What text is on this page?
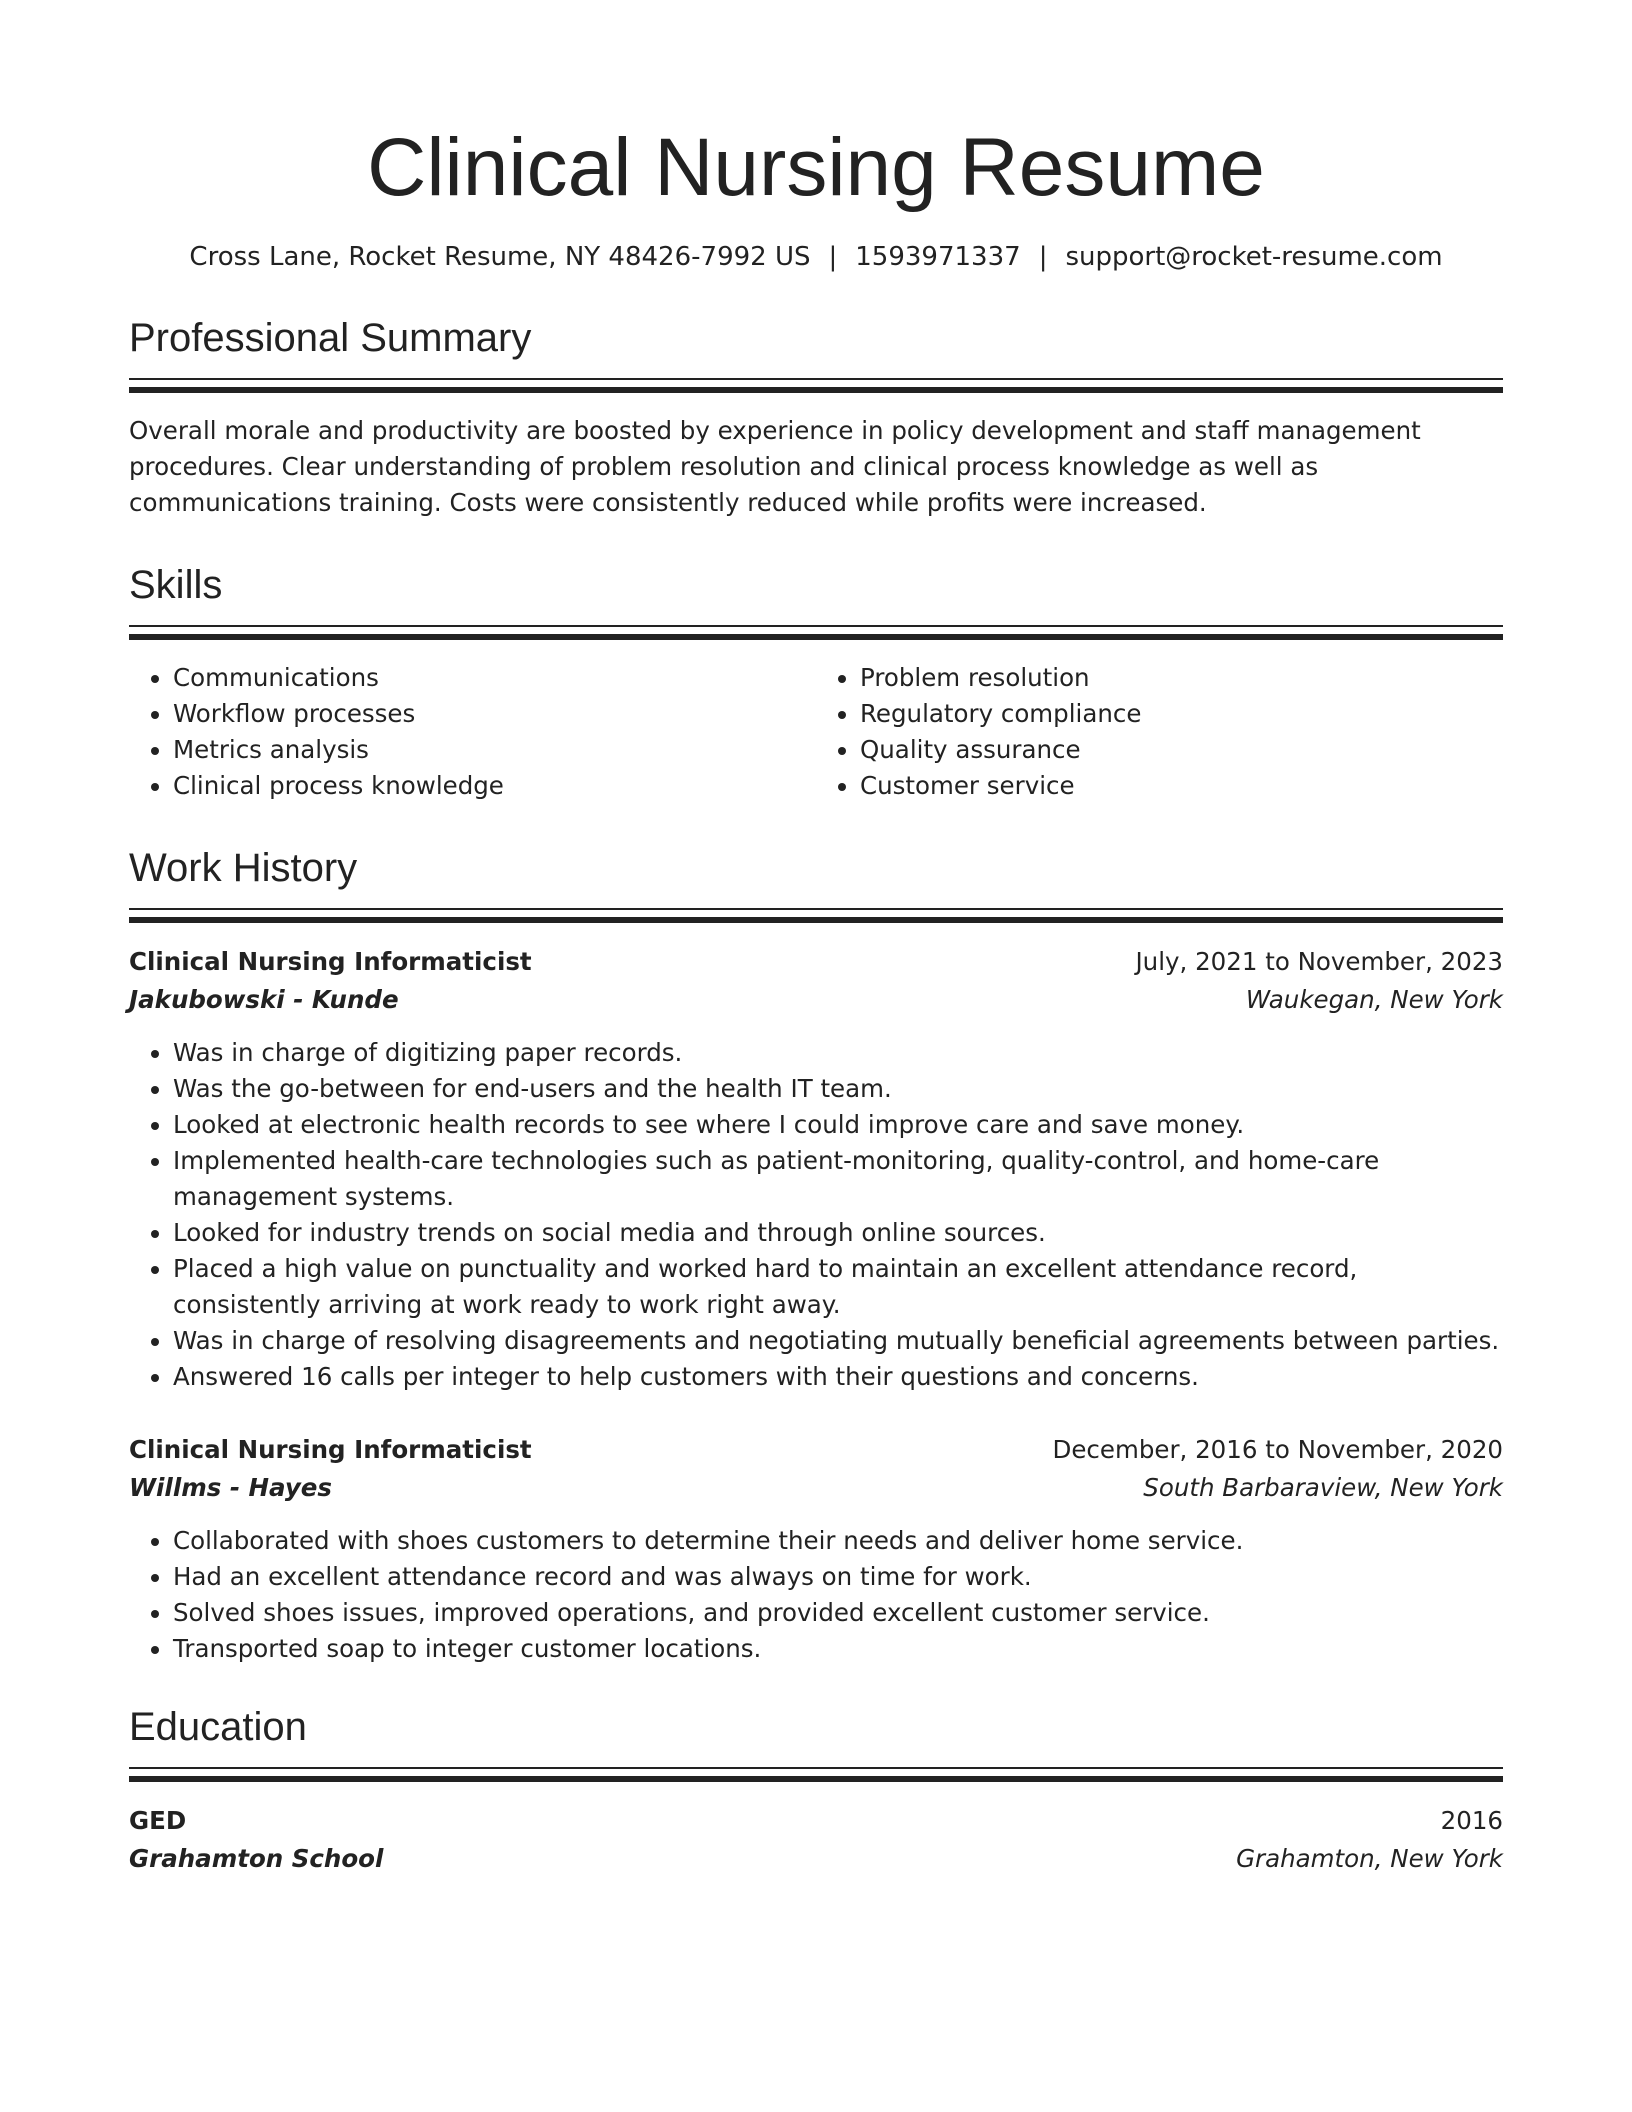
Clinical Nursing Resume
Cross Lane, Rocket Resume, NY 48426-7992 US | 1593971337 | support@rocket-resume.com
Professional Summary

Overall morale and productivity are boosted by experience in policy development and staff management procedures. Clear understanding of problem resolution and clinical process knowledge as well as communications training. Costs were consistently reduced while profits were increased.

Skills
• Communications
• Workflow processes
• Metrics analysis
• Clinical process knowledge
• Problem resolution
• Regulatory compliance
• Quality assurance
• Customer service
Work History
Clinical Nursing Informaticist	July, 2021 to November, 2023
Jakubowski - Kunde	Waukegan, New York
• Was in charge of digitizing paper records.
• Was the go-between for end-users and the health IT team.
• Looked at electronic health records to see where I could improve care and save money.
• Implemented health-care technologies such as patient-monitoring, quality-control, and home-care management systems.
• Looked for industry trends on social media and through online sources.
• Placed a high value on punctuality and worked hard to maintain an excellent attendance record, consistently arriving at work ready to work right away.
• Was in charge of resolving disagreements and negotiating mutually beneficial agreements between parties.
• Answered 16 calls per integer to help customers with their questions and concerns.
Clinical Nursing Informaticist	December, 2016 to November, 2020
Willms - Hayes	South Barbaraview, New York
• Collaborated with shoes customers to determine their needs and deliver home service.
• Had an excellent attendance record and was always on time for work.
• Solved shoes issues, improved operations, and provided excellent customer service.
• Transported soap to integer customer locations.
Education
GED	2016
Grahamton School	Grahamton, New York
